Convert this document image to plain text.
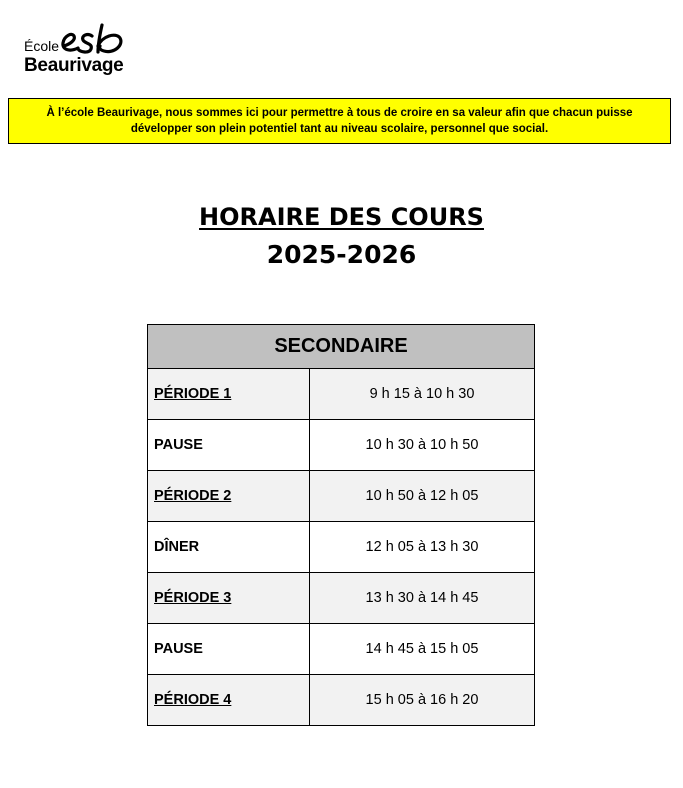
École
Beaurivage
À l’école Beaurivage, nous sommes ici pour permettre à tous de croire en sa valeur afin que chacun puisse développer son plein potentiel tant au niveau scolaire, personnel que social.
HORAIRE DES COURS
2025-2026
SECONDAIRE	
PÉRIODE 1	9 h 15 à 10 h 30
PAUSE	10 h 30 à 10 h 50
PÉRIODE 2	10 h 50 à 12 h 05
DÎNER	12 h 05 à 13 h 30
PÉRIODE 3	13 h 30 à 14 h 45
PAUSE	14 h 45 à 15 h 05
PÉRIODE 4	15 h 05 à 16 h 20
